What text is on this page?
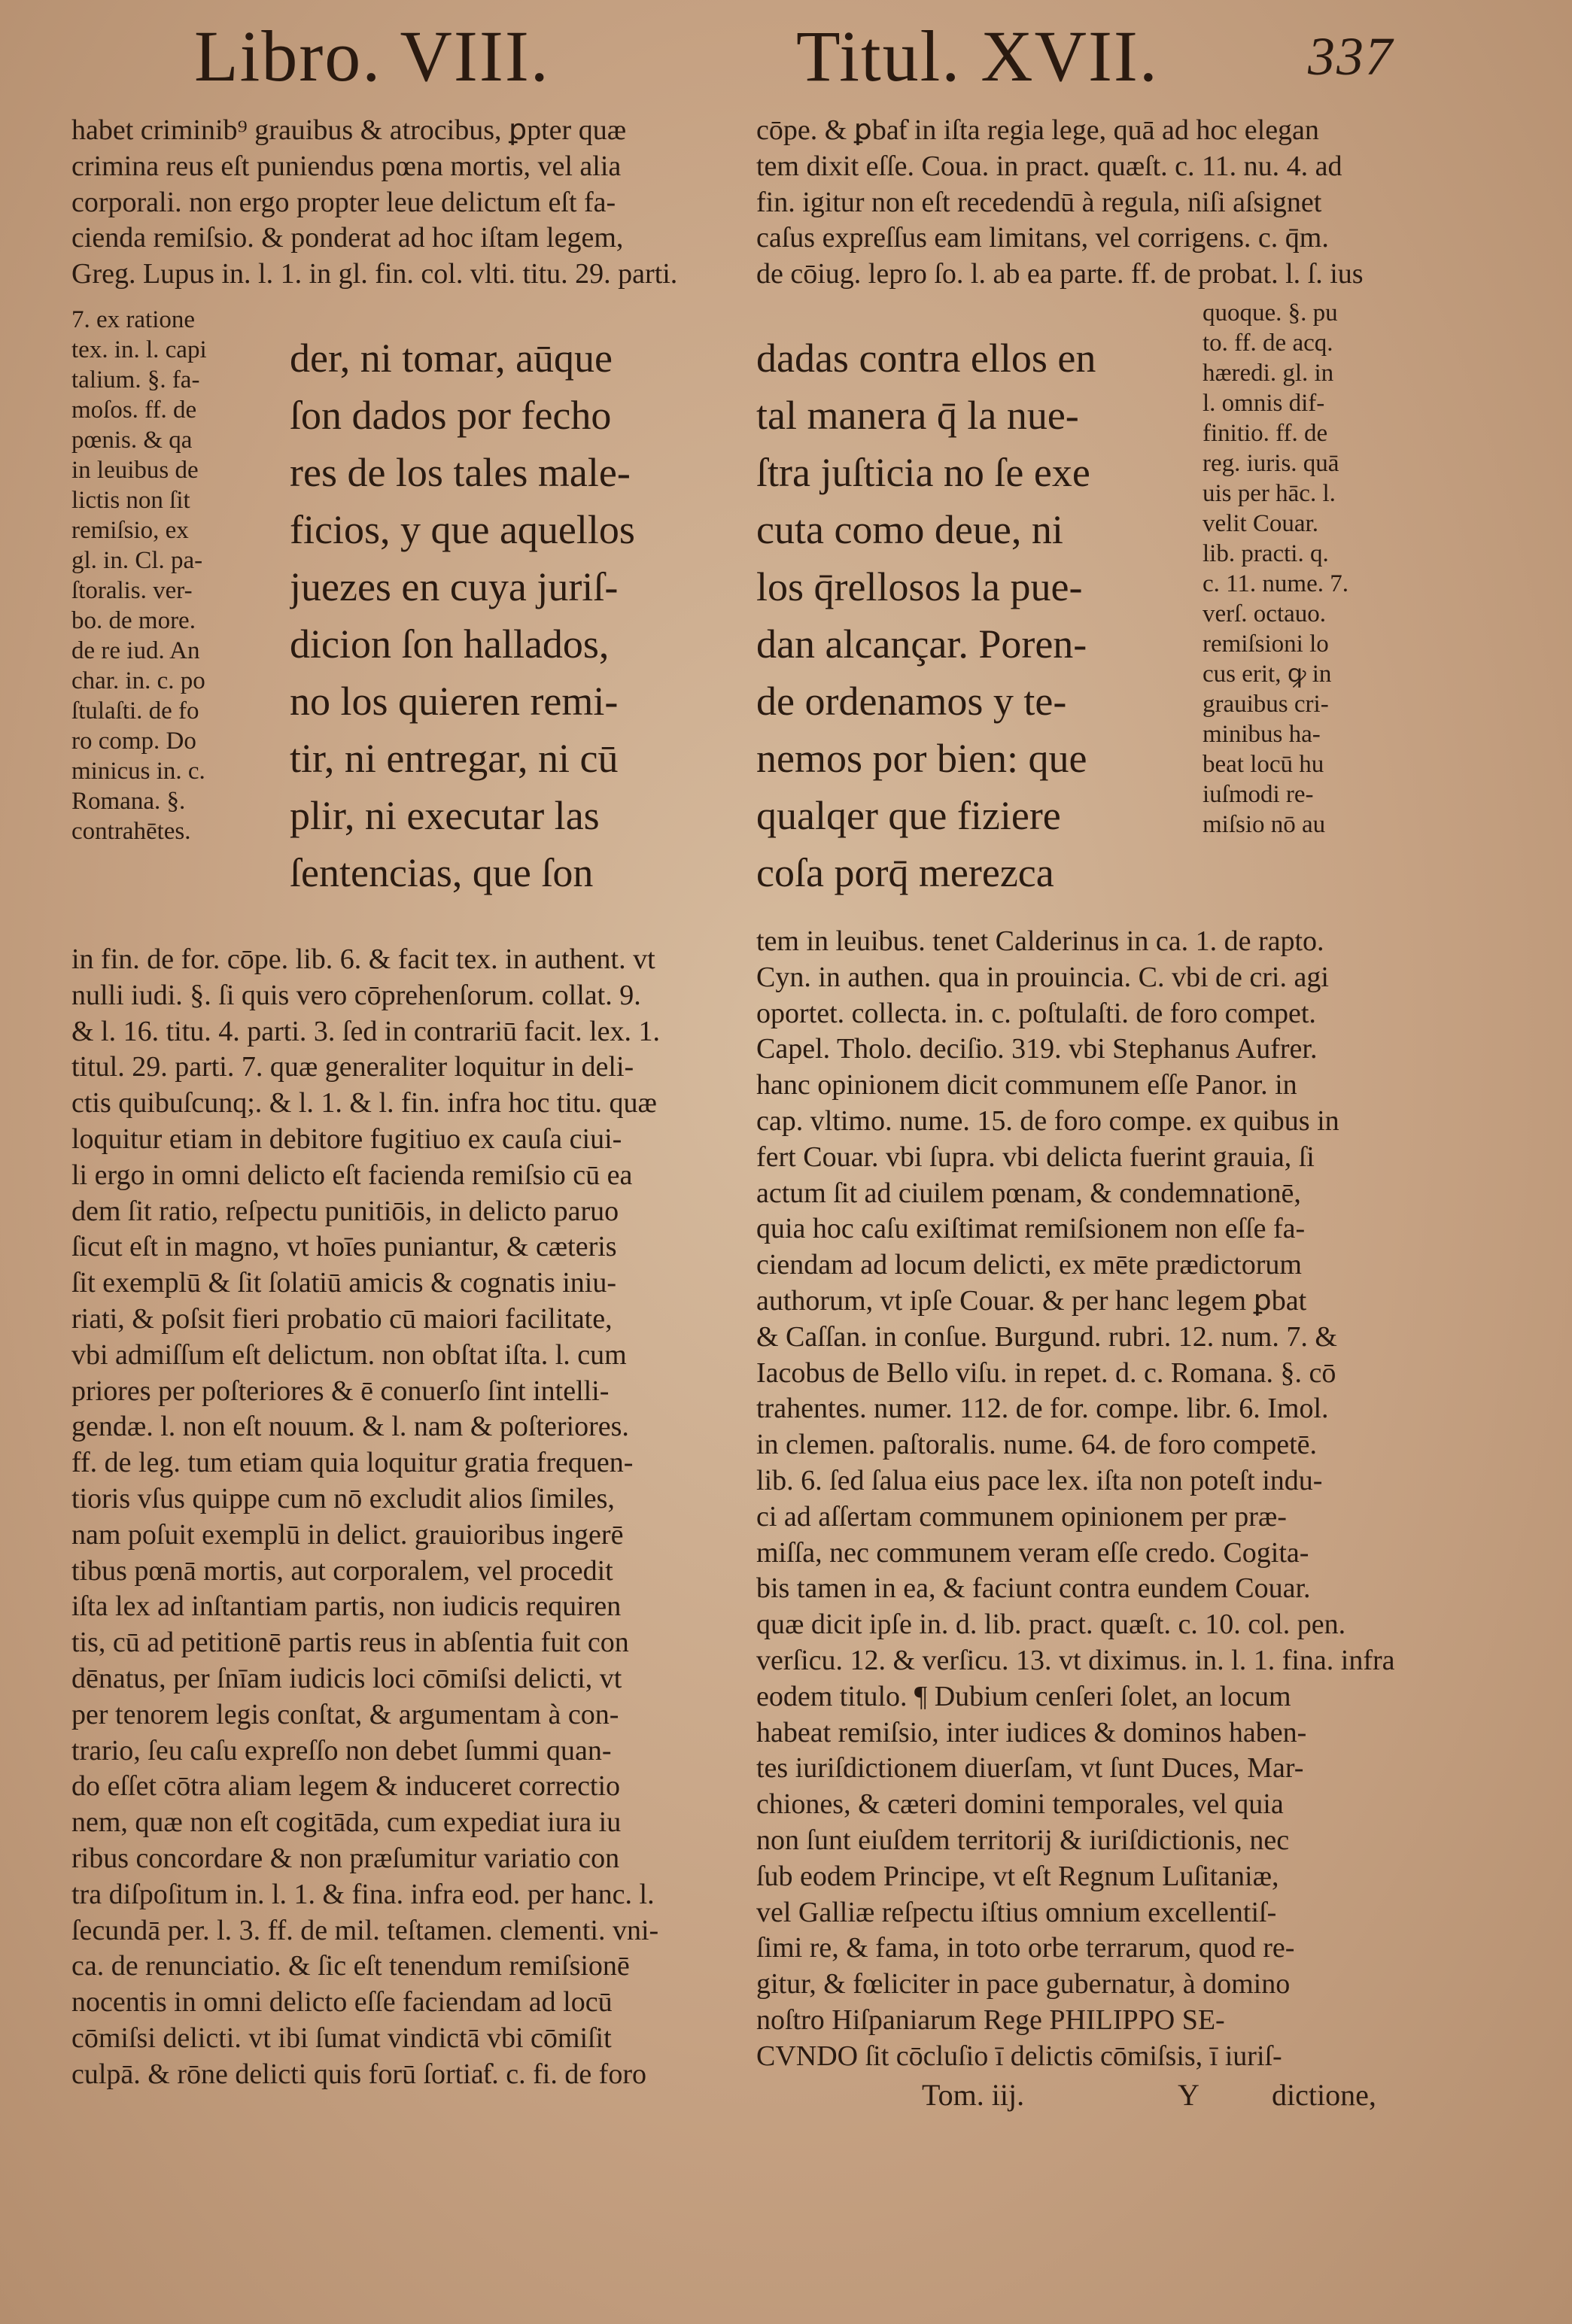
Libro. VIII.	Titul. XVII.	337
habet criminib⁹ grauibus & atrocibus, ꝑpter quæ
crimina reus eſt puniendus pœna mortis, vel alia
corporali. non ergo propter leue delictum eſt fa-
cienda remiſsio. & ponderat ad hoc iſtam legem,
Greg. Lupus in. l. 1. in gl. fin. col. vlti. titu. 29. parti.
7. ex ratione
tex. in. l. capi
talium. §. fa-
moſos. ff. de
pœnis. & qa
in leuibus de
lictis non ſit
remiſsio, ex
gl. in. Cl. pa-
ſtoralis. ver-
bo. de more.
de re iud. An
char. in. c. po
ſtulaſti. de fo
ro comp. Do
minicus in. c.
Romana. §.
contrahētes.
der, ni tomar, aūque
ſon dados por fecho
res de los tales male-
ficios, y que aquellos
juezes en cuya juriſ-
dicion ſon hallados,
no los quieren remi-
tir, ni entregar, ni cū
plir, ni executar las
ſentencias, que ſon
dadas contra ellos en
tal manera q̄ la nue-
ſtra juſticia no ſe exe
cuta como deue, ni
los q̄rellosos la pue-
dan alcançar. Poren-
de ordenamos y te-
nemos por bien: que
qualqer que fiziere
coſa porq̄ merezca
in fin. de for. cōpe. lib. 6. & facit tex. in authent. vt
nulli iudi. §. ſi quis vero cōprehenſorum. collat. 9.
& l. 16. titu. 4. parti. 3. ſed in contrariū facit. lex. 1.
titul. 29. parti. 7. quæ generaliter loquitur in deli-
ctis quibuſcunq;. & l. 1. & l. fin. infra hoc titu. quæ
loquitur etiam in debitore fugitiuo ex cauſa ciui-
li ergo in omni delicto eſt facienda remiſsio cū ea
dem ſit ratio, reſpectu punitiōis, in delicto paruo
ſicut eſt in magno, vt hoīes puniantur, & cæteris
ſit exemplū & ſit ſolatiū amicis & cognatis iniu-
riati, & poſsit fieri probatio cū maiori facilitate,
vbi admiſſum eſt delictum. non obſtat iſta. l. cum
priores per poſteriores & ē conuerſo ſint intelli-
gendæ. l. non eſt nouum. & l. nam & poſteriores.
ff. de leg. tum etiam quia loquitur gratia frequen-
tioris vſus quippe cum nō excludit alios ſimiles,
nam poſuit exemplū in delict. grauioribus ingerē
tibus pœnā mortis, aut corporalem, vel procedit
iſta lex ad inſtantiam partis, non iudicis requiren
tis, cū ad petitionē partis reus in abſentia fuit con
dēnatus, per ſnīam iudicis loci cōmiſsi delicti, vt
per tenorem legis conſtat, & argumentam à con-
trario, ſeu caſu expreſſo non debet ſummi quan-
do eſſet cōtra aliam legem & induceret correctio
nem, quæ non eſt cogitāda, cum expediat iura iu
ribus concordare & non præſumitur variatio con
tra diſpoſitum in. l. 1. & fina. infra eod. per hanc. l.
ſecundā per. l. 3. ff. de mil. teſtamen. clementi. vni-
ca. de renunciatio. & ſic eſt tenendum remiſsionē
nocentis in omni delicto eſſe faciendam ad locū
cōmiſsi delicti. vt ibi ſumat vindictā vbi cōmiſit
culpā. & rōne delicti quis forū ſortiaƭ. c. fi. de foro
cōpe. & ꝑbaƭ in iſta regia lege, quā ad hoc elegan
tem dixit eſſe. Coua. in pract. quæſt. c. 11. nu. 4. ad
fin. igitur non eſt recedendū à regula, niſi aſsignet
caſus expreſſus eam limitans, vel corrigens. c. q̄m.
de cōiug. lepro ſo. l. ab ea parte. ff. de probat. l. ſ. ius
quoque. §. pu
to. ff. de acq.
hæredi. gl. in
l. omnis dif-
finitio. ff. de
reg. iuris. quā
uis per hāc. l.
velit Couar.
lib. practi. q.
c. 11. nume. 7.
verſ. octauo.
remiſsioni lo
cus erit, ꝙ in
grauibus cri-
minibus ha-
beat locū hu
iuſmodi re-
miſsio nō au
tem in leuibus. tenet Calderinus in ca. 1. de rapto.
Cyn. in authen. qua in prouincia. C. vbi de cri. agi
oportet. collecta. in. c. poſtulaſti. de foro compet.
Capel. Tholo. deciſio. 319. vbi Stephanus Aufrer.
hanc opinionem dicit communem eſſe Panor. in
cap. vltimo. nume. 15. de foro compe. ex quibus in
fert Couar. vbi ſupra. vbi delicta fuerint grauia, ſi
actum ſit ad ciuilem pœnam, & condemnationē,
quia hoc caſu exiſtimat remiſsionem non eſſe fa-
ciendam ad locum delicti, ex mēte prædictorum
authorum, vt ipſe Couar. & per hanc legem ꝑbat
& Caſſan. in conſue. Burgund. rubri. 12. num. 7. &
Iacobus de Bello viſu. in repet. d. c. Romana. §. cō
trahentes. numer. 112. de for. compe. libr. 6. Imol.
in clemen. paſtoralis. nume. 64. de foro competē.
lib. 6. ſed ſalua eius pace lex. iſta non poteſt indu-
ci ad aſſertam communem opinionem per præ-
miſſa, nec communem veram eſſe credo. Cogita-
bis tamen in ea, & faciunt contra eundem Couar.
quæ dicit ipſe in. d. lib. pract. quæſt. c. 10. col. pen.
verſicu. 12. & verſicu. 13. vt diximus. in. l. 1. fina. infra
eodem titulo. ¶ Dubium cenſeri ſolet, an locum
habeat remiſsio, inter iudices & dominos haben-
tes iuriſdictionem diuerſam, vt ſunt Duces, Mar-
chiones, & cæteri domini temporales, vel quia
non ſunt eiuſdem territorij & iuriſdictionis, nec
ſub eodem Principe, vt eſt Regnum Luſitaniæ,
vel Galliæ reſpectu iſtius omnium excellentiſ-
ſimi re, & fama, in toto orbe terrarum, quod re-
gitur, & fœliciter in pace gubernatur, à domino
noſtro Hiſpaniarum Rege PHILIPPO SE-
CVNDO ſit cōcluſio ī delictis cōmiſsis, ī iuriſ-
Tom. iij.	Y	dictione,
